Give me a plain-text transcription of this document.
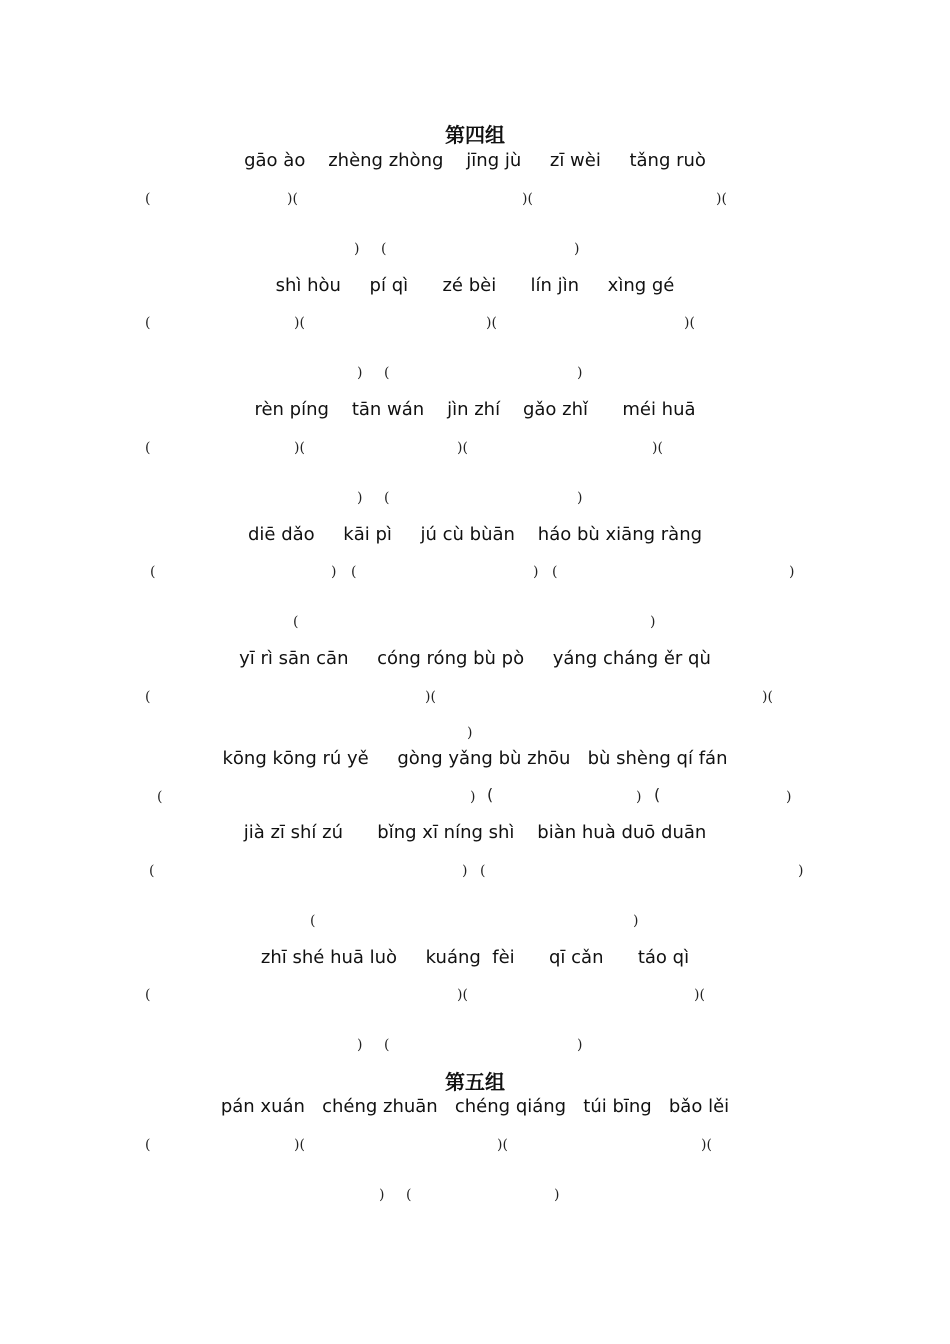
第四组
gāo ào    zhèng zhòng    jīng jù     zī wèi     tǎng ruò
(	)(	)(	)(
) (	)
shì hòu     pí qì      zé bèi      lín jìn     xìng gé
(	)(	)(	)(
) (	)
rèn píng    tān wán    jìn zhí    gǎo zhǐ      méi huā
(	)(	)(	)(
) (	)
diē dǎo     kāi pì     jú cù bùān    háo bù xiāng ràng
(	) (	) (	)
(	)
yī rì sān cān     cóng róng bù pò     yáng cháng ěr qù
(	)(	)(
)
kōng kōng rú yě     gòng yǎng bù zhōu   bù shèng qí fán
(	) (	) (	)
jià zī shí zú      bǐng xī níng shì    biàn huà duō duān
(	) (	)
(	)
zhī shé huā luò     kuáng  fèi      qī cǎn      táo qì
(	)(	)(
) (	)
第五组
pán xuán   chéng zhuān   chéng qiáng   túi bīng   bǎo lěi
(	)(	)(	)(
) (	)
